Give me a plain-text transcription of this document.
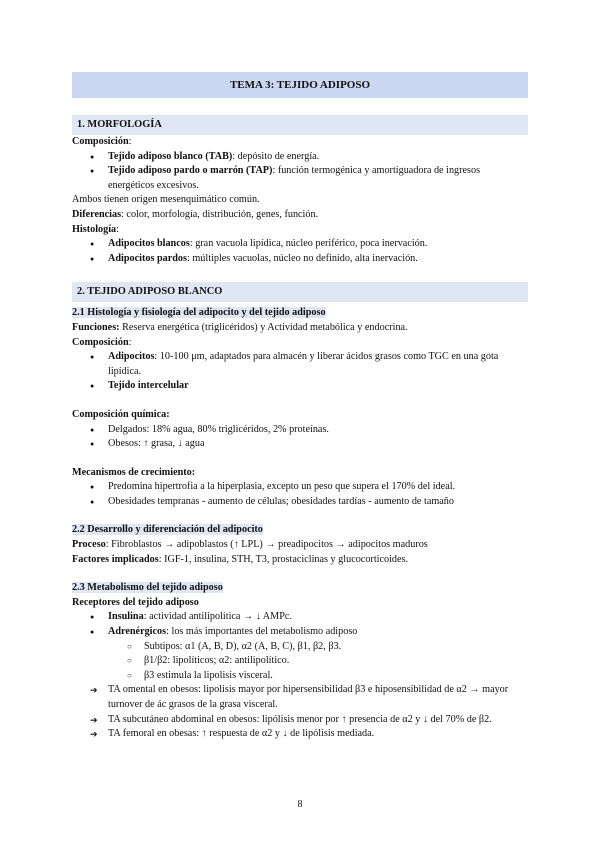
TEMA 3: TEJIDO ADIPOSO
1. MORFOLOGÍA
Composición:
● Tejido adiposo blanco (TAB): depósito de energía.
● Tejido adiposo pardo o marrón (TAP): función termogénica y amortiguadora de ingresos energéticos excesivos.
Ambos tienen origen mesenquimático común.
Diferencias: color, morfología, distribución, genes, función.
Histología:
● Adipocitos blancos: gran vacuola lipídica, núcleo periférico, poca inervación.
● Adipocitos pardos: múltiples vacuolas, núcleo no definido, alta inervación.
2. TEJIDO ADIPOSO BLANCO
2.1 Histología y fisiología del adipocito y del tejido adiposo
Funciones: Reserva energética (triglicéridos) y Actividad metabólica y endocrina.
Composición:
● Adipocitos: 10-100 μm, adaptados para almacén y liberar ácidos grasos como TGC en una gota lipídica.
● Tejido intercelular
Composición química:
● Delgados: 18% agua, 80% triglicéridos, 2% proteínas.
● Obesos: ↑ grasa, ↓ agua
Mecanismos de crecimiento:
● Predomina hipertrofia a la hiperplasia, excepto un peso que supera el 170% del ideal.
● Obesidades tempranas - aumento de células; obesidades tardías - aumento de tamaño
2.2 Desarrollo y diferenciación del adipocito
Proceso: Fibroblastos → adipoblastos (↑ LPL) → preadipocitos → adipocitos maduros
Factores implicados: IGF-1, insulina, STH, T3, prostaciclinas y glucocorticoides.
2.3 Metabolismo del tejido adiposo
Receptores del tejido adiposo
● Insulina: actividad antilipolítica → ↓ AMPc.
● Adrenérgicos: los más importantes del metabolismo adiposo
○ Subtipos: α1 (A, B, D), α2 (A, B, C), β1, β2, β3.
○ β1/β2: lipolíticos; α2: antilipolítico.
○ β3 estimula la lipolisis visceral.
➔ TA omental en obesos: lipolisis mayor por hipersensibilidad β3 e hiposensibilidad de α2 → mayor turnover de ác grasos de la grasa visceral.
➔ TA subcutáneo abdominal en obesos: lipólisis menor por ↑ presencia de α2 y ↓ del 70% de β2.
➔ TA femoral en obesas: ↑ respuesta de α2 y ↓ de lipólisis mediada.
8
